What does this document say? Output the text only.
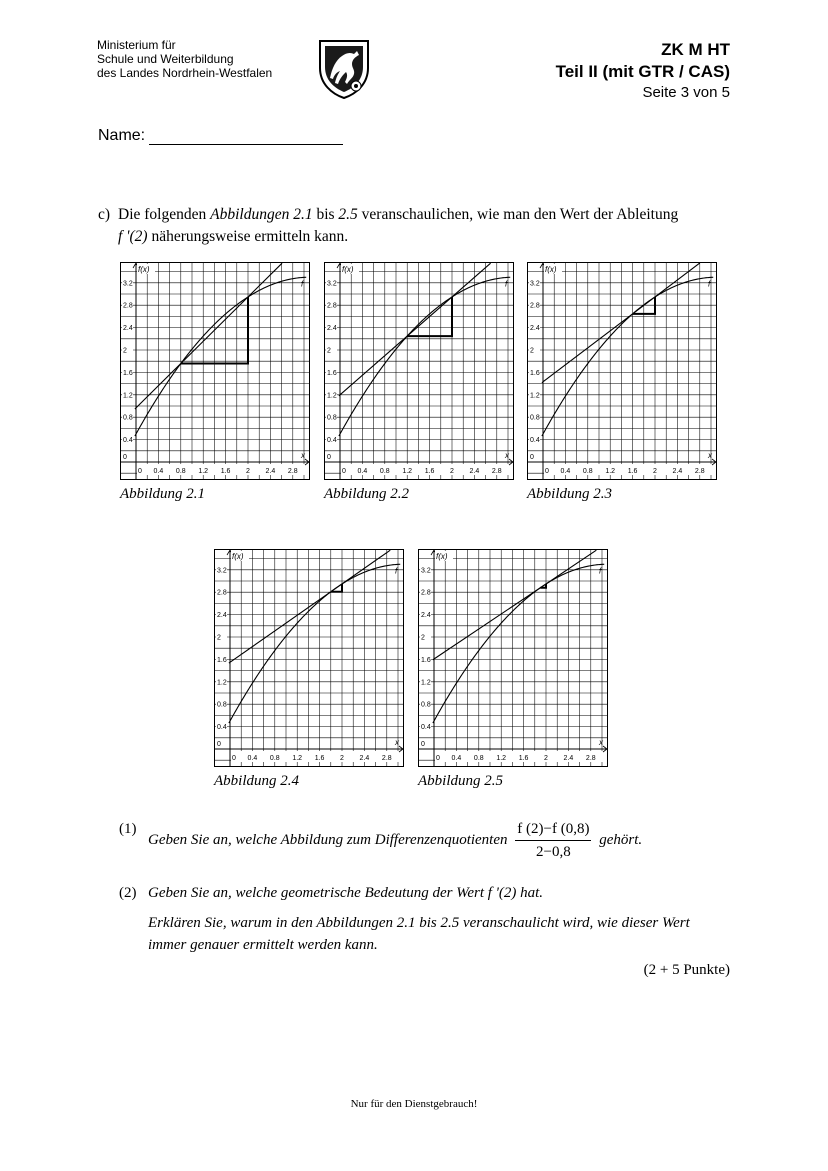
Ministerium für
Schule und Weiterbildung
des Landes Nordrhein-Westfalen
ZK M HT
Teil II (mit GTR / CAS)
Seite 3 von 5
Name:
c) Die folgenden Abbildungen 2.1 bis 2.5 veranschaulichen, wie man den Wert der Ableitung
f '(2) näherungsweise ermitteln kann.
0 0.4 0.8 1.2 1.6 2 2.4 2.8
0
0.4
0.8
1.2
1.6
2
2.4
2.8
3.2
f(x)
x
f
0 0.4 0.8 1.2 1.6 2 2.4 2.8
0
0.4
0.8
1.2
1.6
2
2.4
2.8
3.2
f(x)
x
f
0 0.4 0.8 1.2 1.6 2 2.4 2.8
0
0.4
0.8
1.2
1.6
2
2.4
2.8
3.2
f(x)
x
f
0 0.4 0.8 1.2 1.6 2 2.4 2.8
0
0.4
0.8
1.2
1.6
2
2.4
2.8
3.2
f(x)
x
f
0 0.4 0.8 1.2 1.6 2 2.4 2.8
0
0.4
0.8
1.2
1.6
2
2.4
2.8
3.2
f(x)
x
f
Abbildung 2.1	Abbildung 2.2	Abbildung 2.3
Abbildung 2.4	Abbildung 2.5
(1)
Geben Sie an, welche Abbildung zum Differenzenquotienten $\frac{f (2)-f (0,8)}{2-0,8}$ gehört.
(2) Geben Sie an, welche geometrische Bedeutung der Wert f '(2) hat.
Erklären Sie, warum in den Abbildungen 2.1 bis 2.5 veranschaulicht wird, wie dieser Wert immer genauer ermittelt werden kann.
(2 + 5 Punkte)
Nur für den Dienstgebrauch!
